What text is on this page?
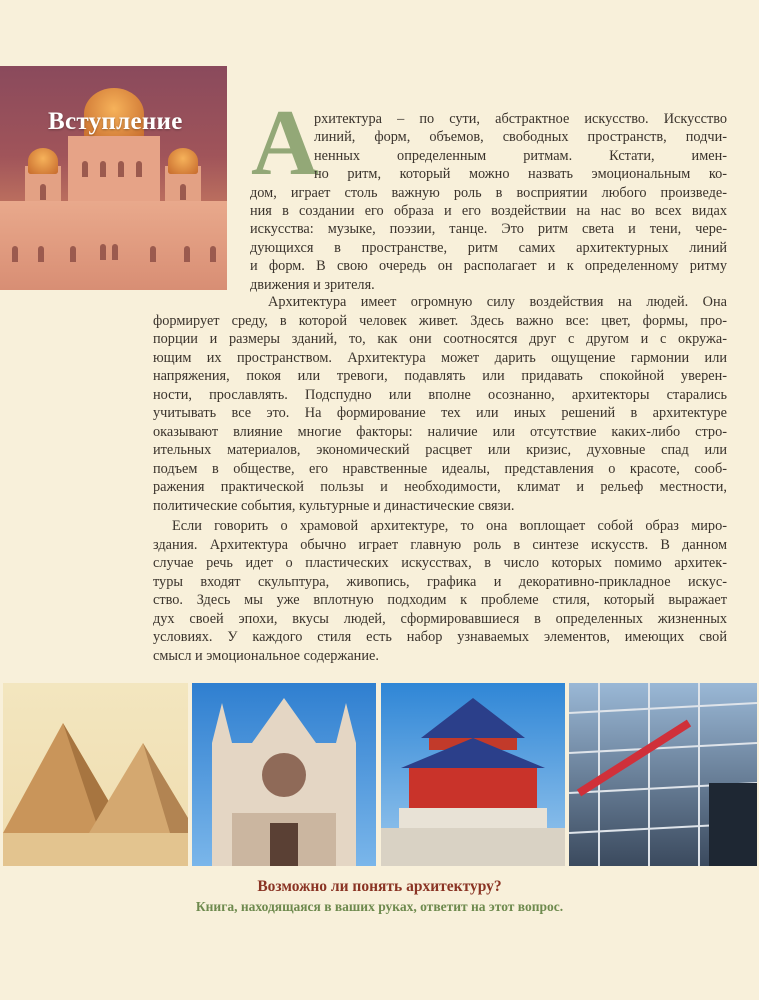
Вступление А
рхитектура – по сути, абстрактное искусство. Искусство
линий, форм, объемов, свободных пространств, подчи-
ненных определенным ритмам. Кстати, имен-
но ритм, который можно назвать эмоциональным ко-
дом, играет столь важную роль в восприятии любого произведе-
ния в создании его образа и его воздействии на нас во всех видах
искусства: музыке, поэзии, танце. Это ритм света и тени, чере-
дующихся в пространстве, ритм самих архитектурных линий
и форм. В свою очередь он располагает и к определенному ритму
движения и зрителя.
Архитектура имеет огромную силу воздействия на людей. Она
формирует среду, в которой человек живет. Здесь важно все: цвет, формы, про-
порции и размеры зданий, то, как они соотносятся друг с другом и с окружа-
ющим их пространством. Архитектура может дарить ощущение гармонии или
напряжения, покоя или тревоги, подавлять или придавать спокойной уверен-
ности, прославлять. Подспудно или вполне осознанно, архитекторы старались
учитывать все это. На формирование тех или иных решений в архитектуре
оказывают влияние многие факторы: наличие или отсутствие каких-либо стро-
ительных материалов, экономический расцвет или кризис, духовные спад или
подъем в обществе, его нравственные идеалы, представления о красоте, сооб-
ражения практической пользы и необходимости, климат и рельеф местности,
политические события, культурные и династические связи.
Если говорить о храмовой архитектуре, то она воплощает собой образ миро-
здания. Архитектура обычно играет главную роль в синтезе искусств. В данном
случае речь идет о пластических искусствах, в число которых помимо архитек-
туры входят скульптура, живопись, графика и декоративно-прикладное искус-
ство. Здесь мы уже вплотную подходим к проблеме стиля, который выражает
дух своей эпохи, вкусы людей, сформировавшиеся в определенных жизненных
условиях. У каждого стиля есть набор узнаваемых элементов, имеющих свой
смысл и эмоциональное содержание.
Возможно ли понять архитектуру?
Книга, находящаяся в ваших руках, ответит на этот вопрос.
